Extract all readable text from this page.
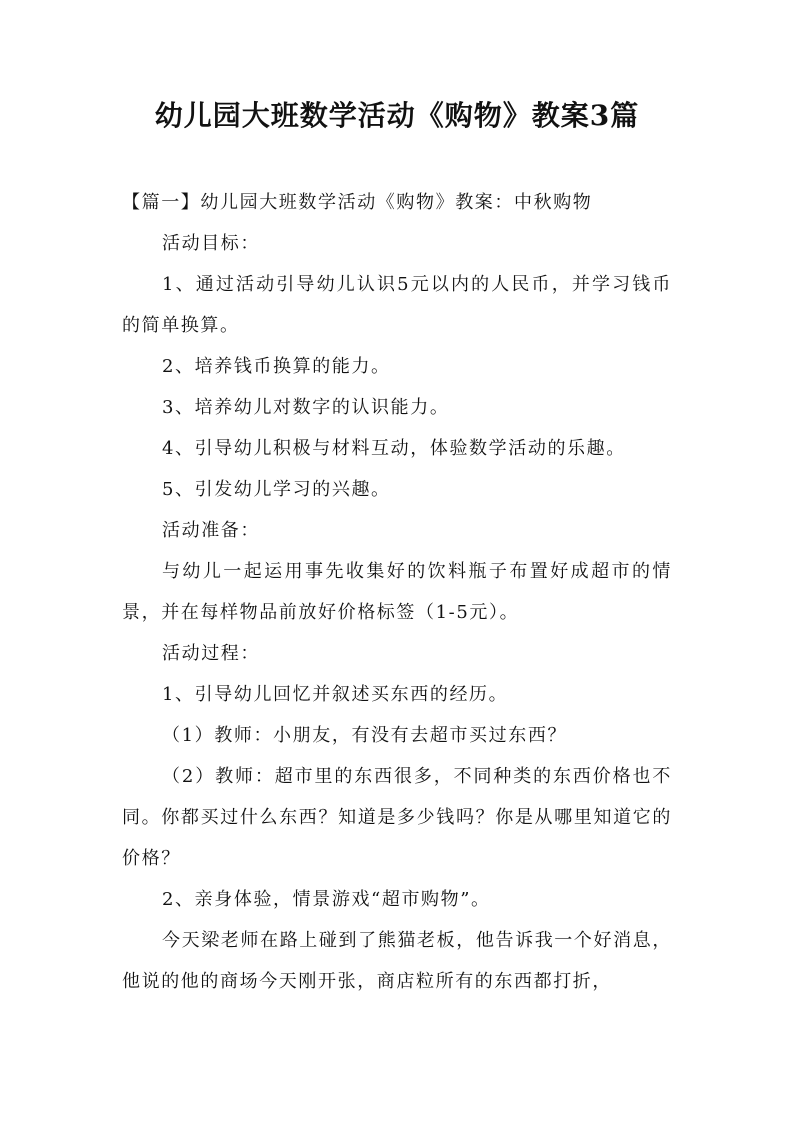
幼儿园大班数学活动《购物》教案3篇

【篇一】幼儿园大班数学活动《购物》教案：中秋购物

活动目标：

1、通过活动引导幼儿认识5元以内的人民币，并学习钱币的简单换算。

2、培养钱币换算的能力。

3、培养幼儿对数字的认识能力。

4、引导幼儿积极与材料互动，体验数学活动的乐趣。

5、引发幼儿学习的兴趣。

活动准备：

与幼儿一起运用事先收集好的饮料瓶子布置好成超市的情景，并在每样物品前放好价格标签（1-5元）。

活动过程：

1、引导幼儿回忆并叙述买东西的经历。

（1）教师：小朋友，有没有去超市买过东西？

（2）教师：超市里的东西很多，不同种类的东西价格也不同。你都买过什么东西？知道是多少钱吗？你是从哪里知道它的价格？

2、亲身体验，情景游戏“超市购物”。

今天梁老师在路上碰到了熊猫老板，他告诉我一个好消息，他说的他的商场今天刚开张，商店粒所有的东西都打折，
